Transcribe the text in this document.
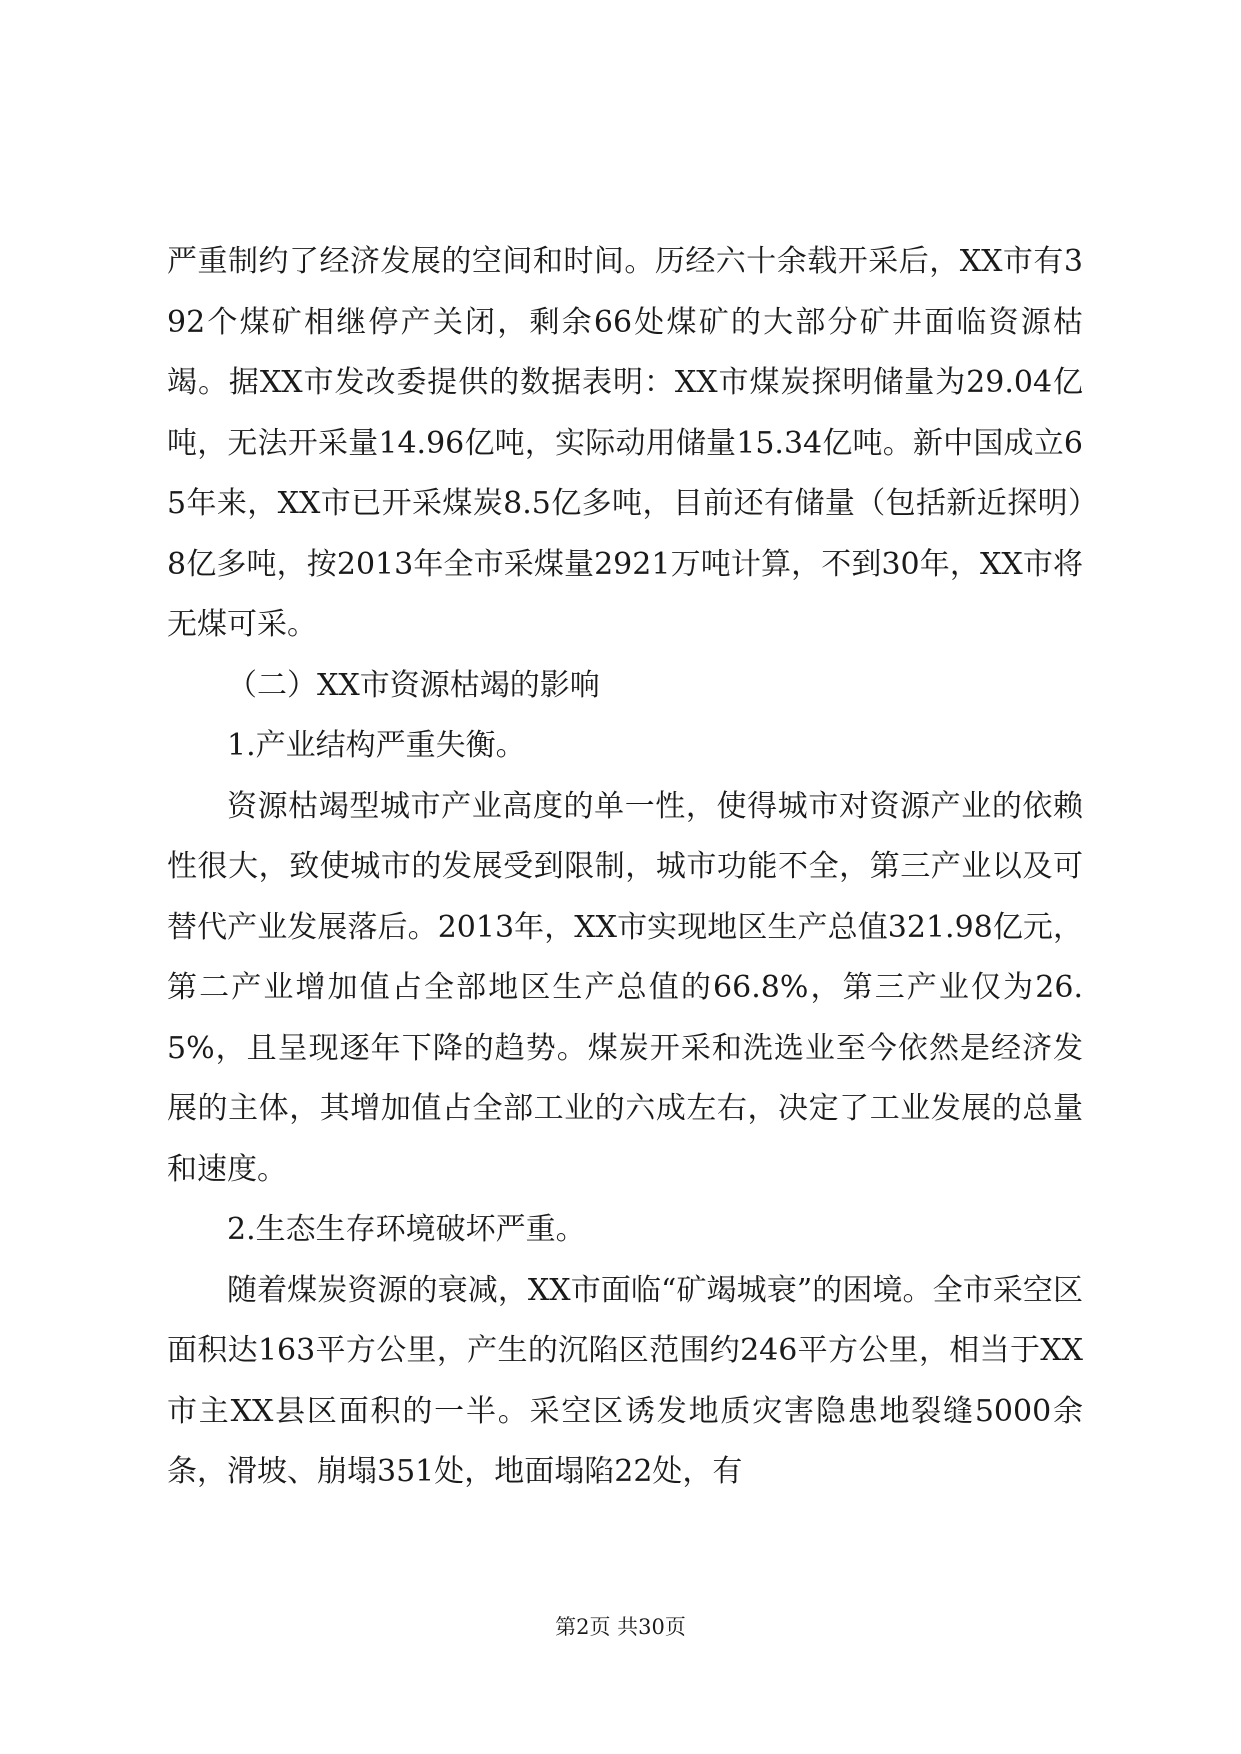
严重制约了经济发展的空间和时间。历经六十余载开采后，XX市有392个煤矿相继停产关闭，剩余66处煤矿的大部分矿井面临资源枯竭。据XX市发改委提供的数据表明：XX市煤炭探明储量为29.04亿吨，无法开采量14.96亿吨，实际动用储量15.34亿吨。新中国成立65年来，XX市已开采煤炭8.5亿多吨，目前还有储量（包括新近探明）8亿多吨，按2013年全市采煤量2921万吨计算，不到30年，XX市将无煤可采。

（二）XX市资源枯竭的影响

1.产业结构严重失衡。

资源枯竭型城市产业高度的单一性，使得城市对资源产业的依赖性很大，致使城市的发展受到限制，城市功能不全，第三产业以及可替代产业发展落后。2013年，XX市实现地区生产总值321.98亿元，第二产业增加值占全部地区生产总值的66.8%，第三产业仅为26.5%，且呈现逐年下降的趋势。煤炭开采和洗选业至今依然是经济发展的主体，其增加值占全部工业的六成左右，决定了工业发展的总量和速度。

2.生态生存环境破坏严重。

随着煤炭资源的衰减，XX市面临“矿竭城衰”的困境。全市采空区面积达163平方公里，产生的沉陷区范围约246平方公里，相当于XX市主XX县区面积的一半。采空区诱发地质灾害隐患地裂缝5000余条，滑坡、崩塌351处，地面塌陷22处，有

第2页 共30页
